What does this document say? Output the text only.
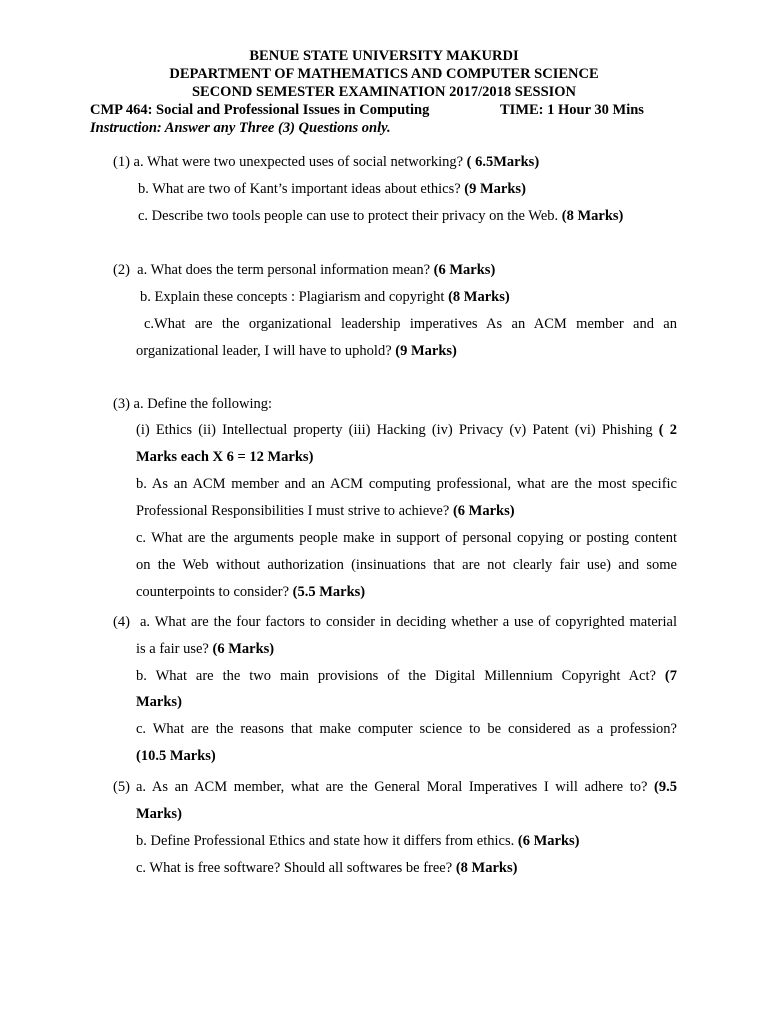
BENUE STATE UNIVERSITY MAKURDI
DEPARTMENT OF MATHEMATICS AND COMPUTER SCIENCE
SECOND SEMESTER EXAMINATION 2017/2018 SESSION
CMP 464: Social and Professional Issues in Computing	TIME: 1 Hour 30 Mins
Instruction: Answer any Three (3) Questions only.
(1) a. What were two unexpected uses of social networking? ( 6.5Marks)
b. What are two of Kant’s important ideas about ethics? (9 Marks)
c. Describe two tools people can use to protect their privacy on the Web. (8 Marks)
(2) a. What does the term personal information mean? (6 Marks)
b. Explain these concepts : Plagiarism and copyright (8 Marks)
c.What are the organizational leadership imperatives As an ACM member and an
organizational leader, I will have to uphold? (9 Marks)
(3) a. Define the following:
(i) Ethics (ii) Intellectual property (iii) Hacking (iv) Privacy (v) Patent (vi) Phishing ( 2
Marks each X 6 = 12 Marks)
b. As an ACM member and an ACM computing professional, what are the most specific
Professional Responsibilities I must strive to achieve? (6 Marks)
c. What are the arguments people make in support of personal copying or posting content
on the Web without authorization (insinuations that are not clearly fair use) and some
counterpoints to consider? (5.5 Marks)
(4) a. What are the four factors to consider in deciding whether a use of copyrighted material
is a fair use? (6 Marks)
b. What are the two main provisions of the Digital Millennium Copyright Act? (7
Marks)
c. What are the reasons that make computer science to be considered as a profession?
(10.5 Marks)
(5) a. As an ACM member, what are the General Moral Imperatives I will adhere to? (9.5
Marks)
b. Define Professional Ethics and state how it differs from ethics. (6 Marks)
c. What is free software? Should all softwares be free? (8 Marks)
